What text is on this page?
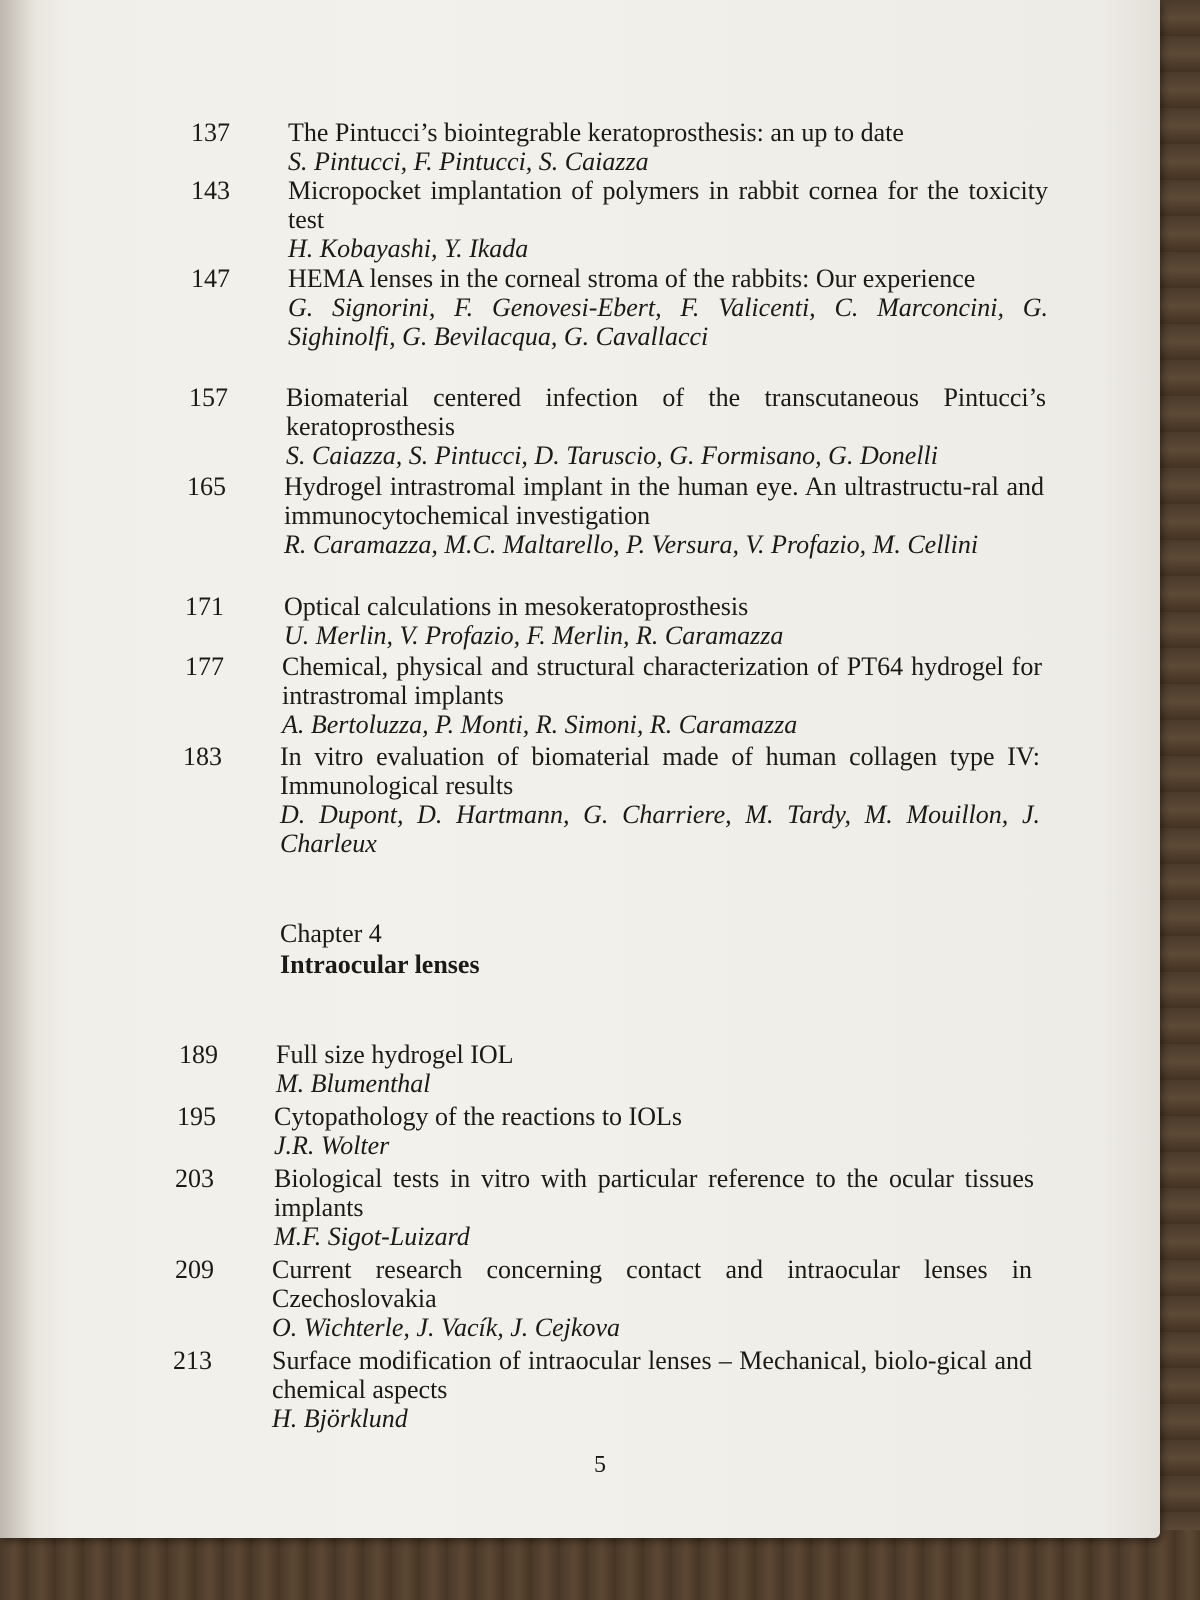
137 The Pintucci’s biointegrable keratoprosthesis: an up to date
S. Pintucci, F. Pintucci, S. Caiazza
143 Micropocket implantation of polymers in rabbit cornea for the toxicity test
H. Kobayashi, Y. Ikada
147 HEMA lenses in the corneal stroma of the rabbits: Our experience
G. Signorini, F. Genovesi-Ebert, F. Valicenti, C. Marconcini, G. Sighinolfi, G. Bevilacqua, G. Cavallacci
157 Biomaterial centered infection of the transcutaneous Pintucci’s keratoprosthesis
S. Caiazza, S. Pintucci, D. Taruscio, G. Formisano, G. Donelli
165 Hydrogel intrastromal implant in the human eye. An ultrastructu-ral and immunocytochemical investigation
R. Caramazza, M.C. Maltarello, P. Versura, V. Profazio, M. Cellini
171 Optical calculations in mesokeratoprosthesis
U. Merlin, V. Profazio, F. Merlin, R. Caramazza
177 Chemical, physical and structural characterization of PT64 hydrogel for intrastromal implants
A. Bertoluzza, P. Monti, R. Simoni, R. Caramazza
183 In vitro evaluation of biomaterial made of human collagen type IV: Immunological results
D. Dupont, D. Hartmann, G. Charriere, M. Tardy, M. Mouillon, J. Charleux
Chapter 4
Intraocular lenses
189 Full size hydrogel IOL
M. Blumenthal
195 Cytopathology of the reactions to IOLs
J.R. Wolter
203 Biological tests in vitro with particular reference to the ocular tissues implants
M.F. Sigot-Luizard
209 Current research concerning contact and intraocular lenses in Czechoslovakia
O. Wichterle, J. Vacík, J. Cejkova
213 Surface modification of intraocular lenses – Mechanical, biolo-gical and chemical aspects
H. Björklund
5
